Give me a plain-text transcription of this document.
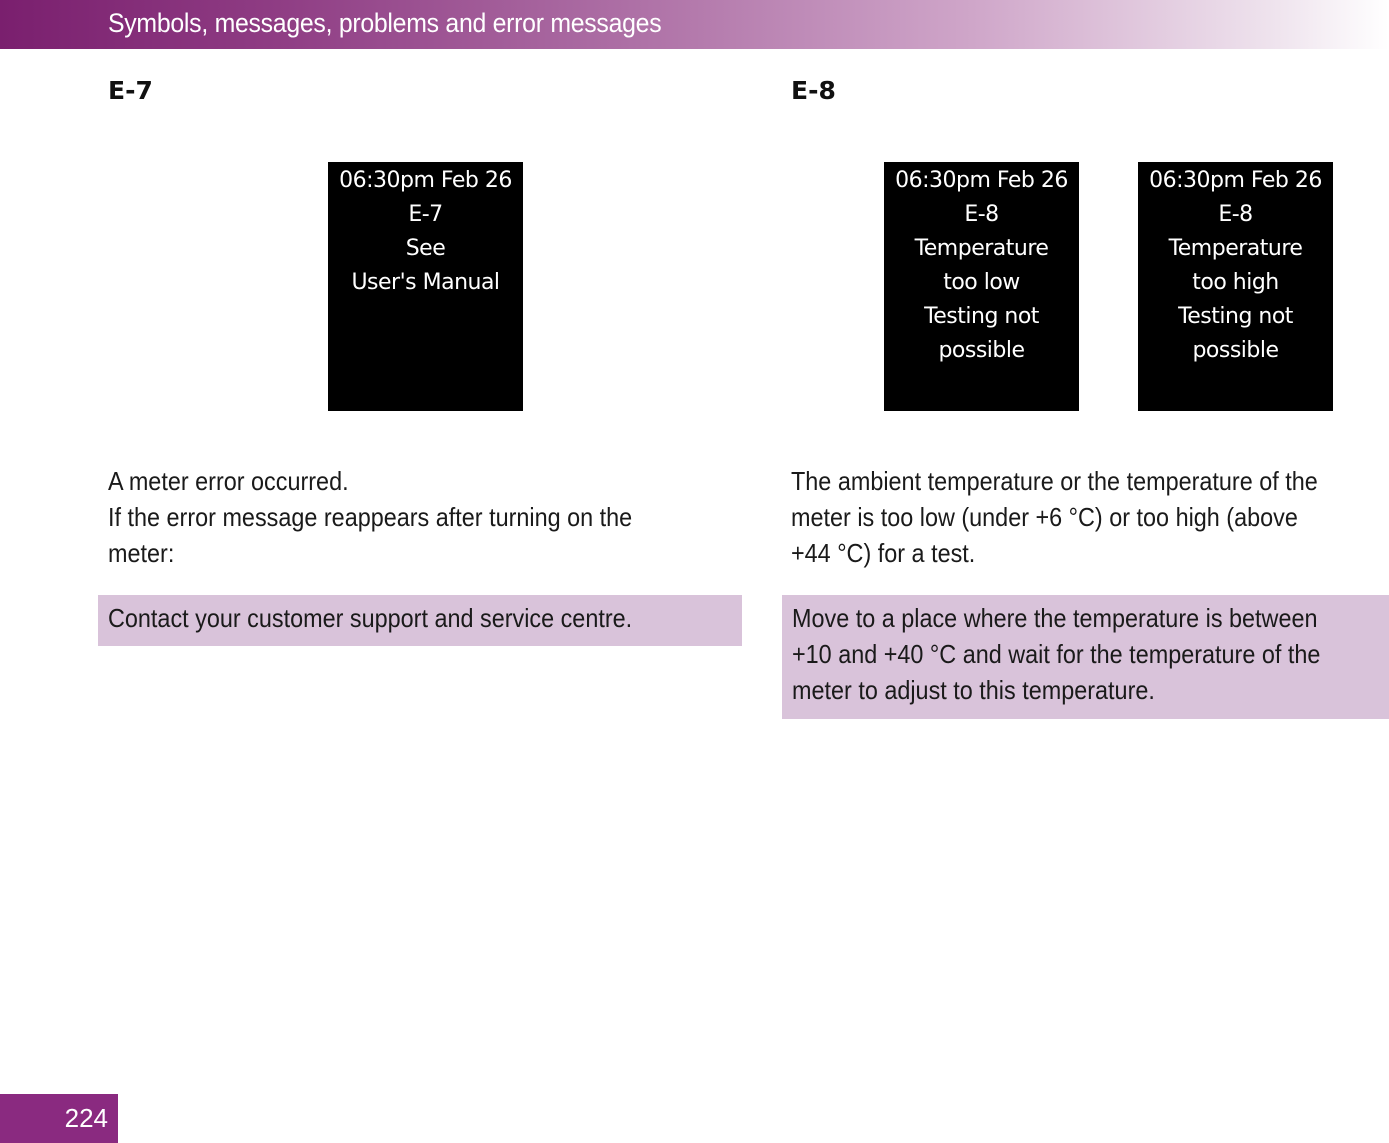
Symbols, messages, problems and error messages
E-7
06:30pm Feb 26
E-7
See
User's Manual
A meter error occurred.
If the error message reappears after turning on the
meter:
Contact your customer support and service centre.
E-8
06:30pm Feb 26
E-8
Temperature
too low
Testing not
possible
06:30pm Feb 26
E-8
Temperature
too high
Testing not
possible
The ambient temperature or the temperature of the
meter is too low (under +6 °C) or too high (above
+44 °C) for a test.
Move to a place where the temperature is between
+10 and +40 °C and wait for the temperature of the
meter to adjust to this temperature.
224
